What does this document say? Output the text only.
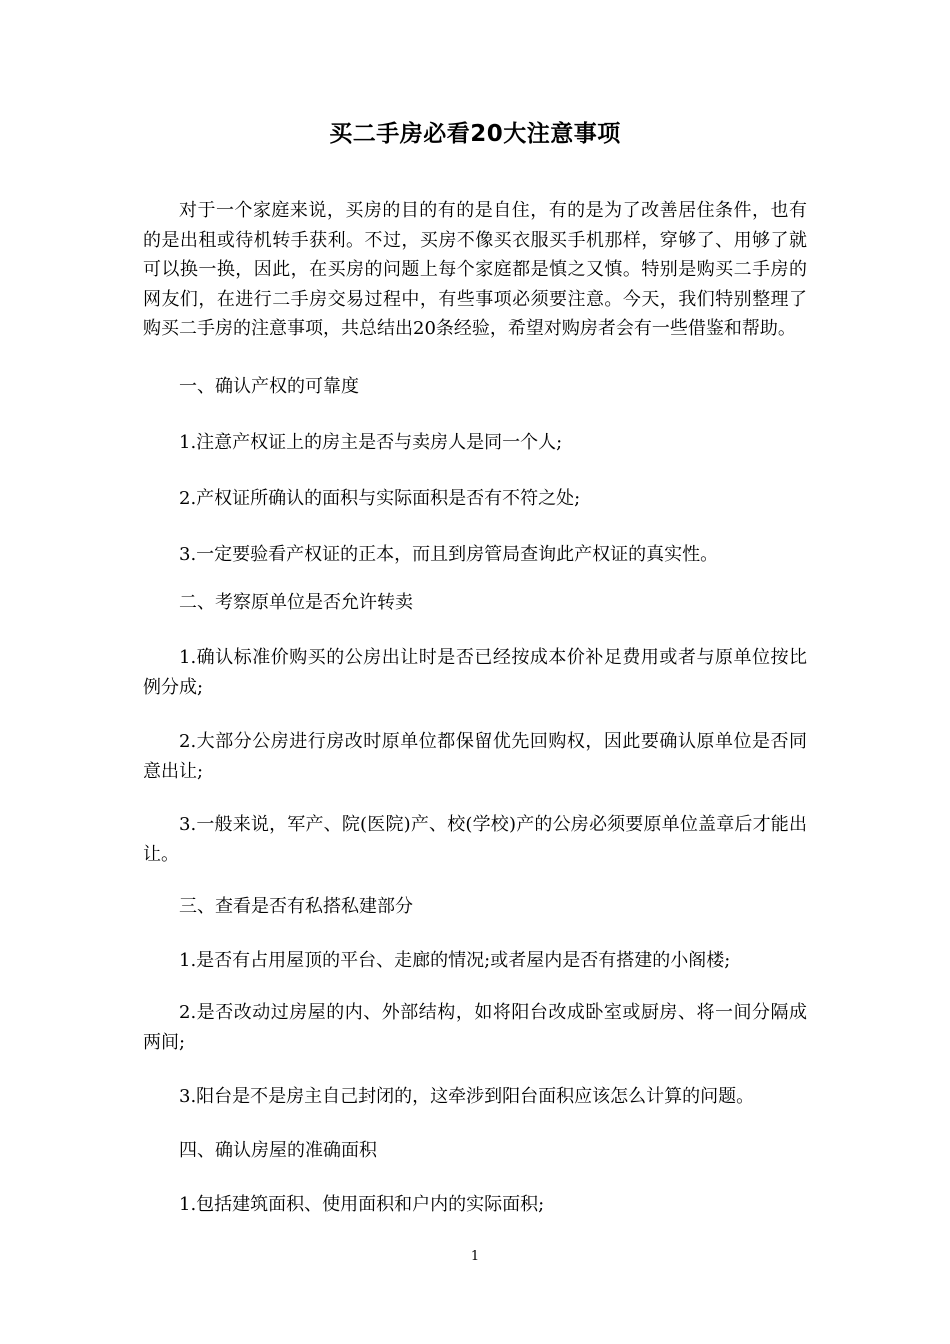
买二手房必看20大注意事项

对于一个家庭来说，买房的目的有的是自住，有的是为了改善居住条件，也有的是出租或待机转手获利。不过，买房不像买衣服买手机那样，穿够了、用够了就可以换一换，因此，在买房的问题上每个家庭都是慎之又慎。特别是购买二手房的网友们，在进行二手房交易过程中，有些事项必须要注意。今天，我们特别整理了购买二手房的注意事项，共总结出20条经验，希望对购房者会有一些借鉴和帮助。

一、确认产权的可靠度

1.注意产权证上的房主是否与卖房人是同一个人;

2.产权证所确认的面积与实际面积是否有不符之处;

3.一定要验看产权证的正本，而且到房管局查询此产权证的真实性。

二、考察原单位是否允许转卖

1.确认标准价购买的公房出让时是否已经按成本价补足费用或者与原单位按比例分成;

2.大部分公房进行房改时原单位都保留优先回购权，因此要确认原单位是否同意出让;

3.一般来说，军产、院(医院)产、校(学校)产的公房必须要原单位盖章后才能出让。

三、查看是否有私搭私建部分

1.是否有占用屋顶的平台、走廊的情况;或者屋内是否有搭建的小阁楼;

2.是否改动过房屋的内、外部结构，如将阳台改成卧室或厨房、将一间分隔成两间;

3.阳台是不是房主自己封闭的，这牵涉到阳台面积应该怎么计算的问题。

四、确认房屋的准确面积

1.包括建筑面积、使用面积和户内的实际面积;

1
